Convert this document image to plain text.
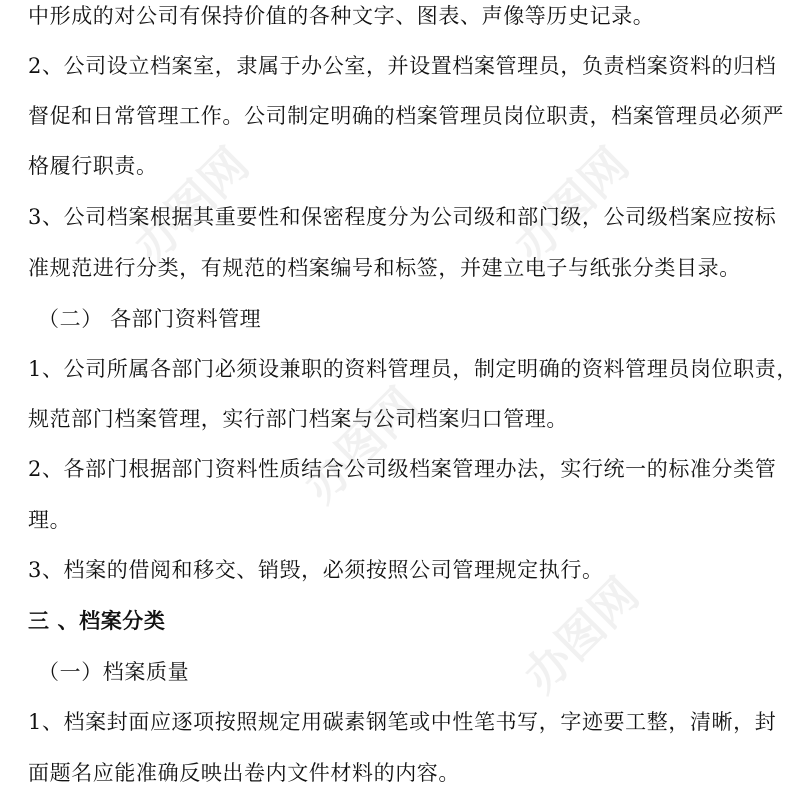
办图网	办图网
办图网
办图网
中形成的对公司有保持价值的各种文字、图表、声像等历史记录。
2、公司设立档案室，隶属于办公室，并设置档案管理员，负责档案资料的归档
督促和日常管理工作。公司制定明确的档案管理员岗位职责，档案管理员必须严
格履行职责。
3、公司档案根据其重要性和保密程度分为公司级和部门级，公司级档案应按标
准规范进行分类，有规范的档案编号和标签，并建立电子与纸张分类目录。
（二） 各部门资料管理
1、公司所属各部门必须设兼职的资料管理员，制定明确的资料管理员岗位职责，
规范部门档案管理，实行部门档案与公司档案归口管理。
2、各部门根据部门资料性质结合公司级档案管理办法，实行统一的标准分类管
理。
3、档案的借阅和移交、销毁，必须按照公司管理规定执行。
三 、档案分类
（一）档案质量
1、档案封面应逐项按照规定用碳素钢笔或中性笔书写，字迹要工整，清晰，封
面题名应能准确反映出卷内文件材料的内容。
